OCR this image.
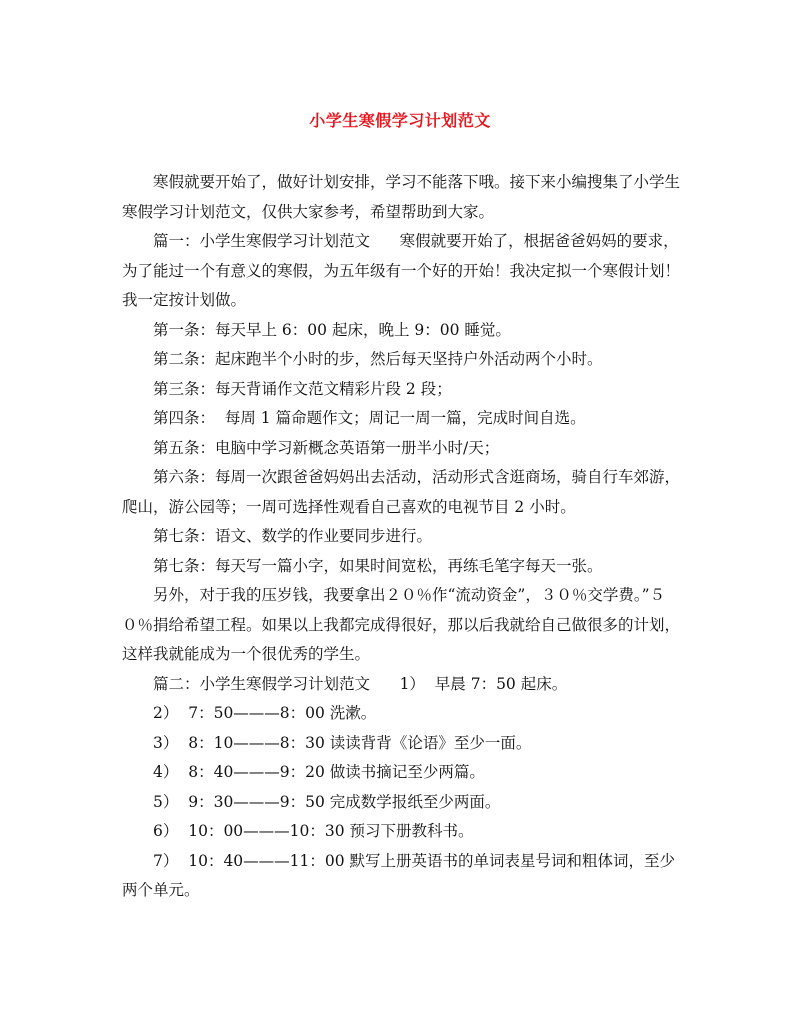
小学生寒假学习计划范文

寒假就要开始了，做好计划安排，学习不能落下哦。接下来小编搜集了小学生寒假学习计划范文，仅供大家参考，希望帮助到大家。

篇一：小学生寒假学习计划范文      寒假就要开始了，根据爸爸妈妈的要求，为了能过一个有意义的寒假，为五年级有一个好的开始！我决定拟一个寒假计划！我一定按计划做。

第一条：每天早上 6：00 起床，晚上 9：00 睡觉。

第二条：起床跑半个小时的步，然后每天坚持户外活动两个小时。

第三条：每天背诵作文范文精彩片段 2 段；

第四条：  每周 1 篇命题作文；周记一周一篇，完成时间自选。

第五条：电脑中学习新概念英语第一册半小时/天；

第六条：每周一次跟爸爸妈妈出去活动，活动形式含逛商场，骑自行车郊游，爬山，游公园等；一周可选择性观看自己喜欢的电视节目 2 小时。

第七条：语文、数学的作业要同步进行。

第七条：每天写一篇小字，如果时间宽松，再练毛笔字每天一张。

另外，对于我的压岁钱，我要拿出２０％作“流动资金”，３０％交学费。”５０％捐给希望工程。如果以上我都完成得很好，那以后我就给自己做很多的计划，这样我就能成为一个很优秀的学生。

篇二：小学生寒假学习计划范文      1）  早晨 7：50 起床。

2）  7：50———8：00 洗漱。

3）  8：10———8：30 读读背背《论语》至少一面。

4）  8：40———9：20 做读书摘记至少两篇。

5）  9：30———9：50 完成数学报纸至少两面。

6）  10：00———10：30 预习下册教科书。

7）  10：40———11：00 默写上册英语书的单词表星号词和粗体词，至少两个单元。
